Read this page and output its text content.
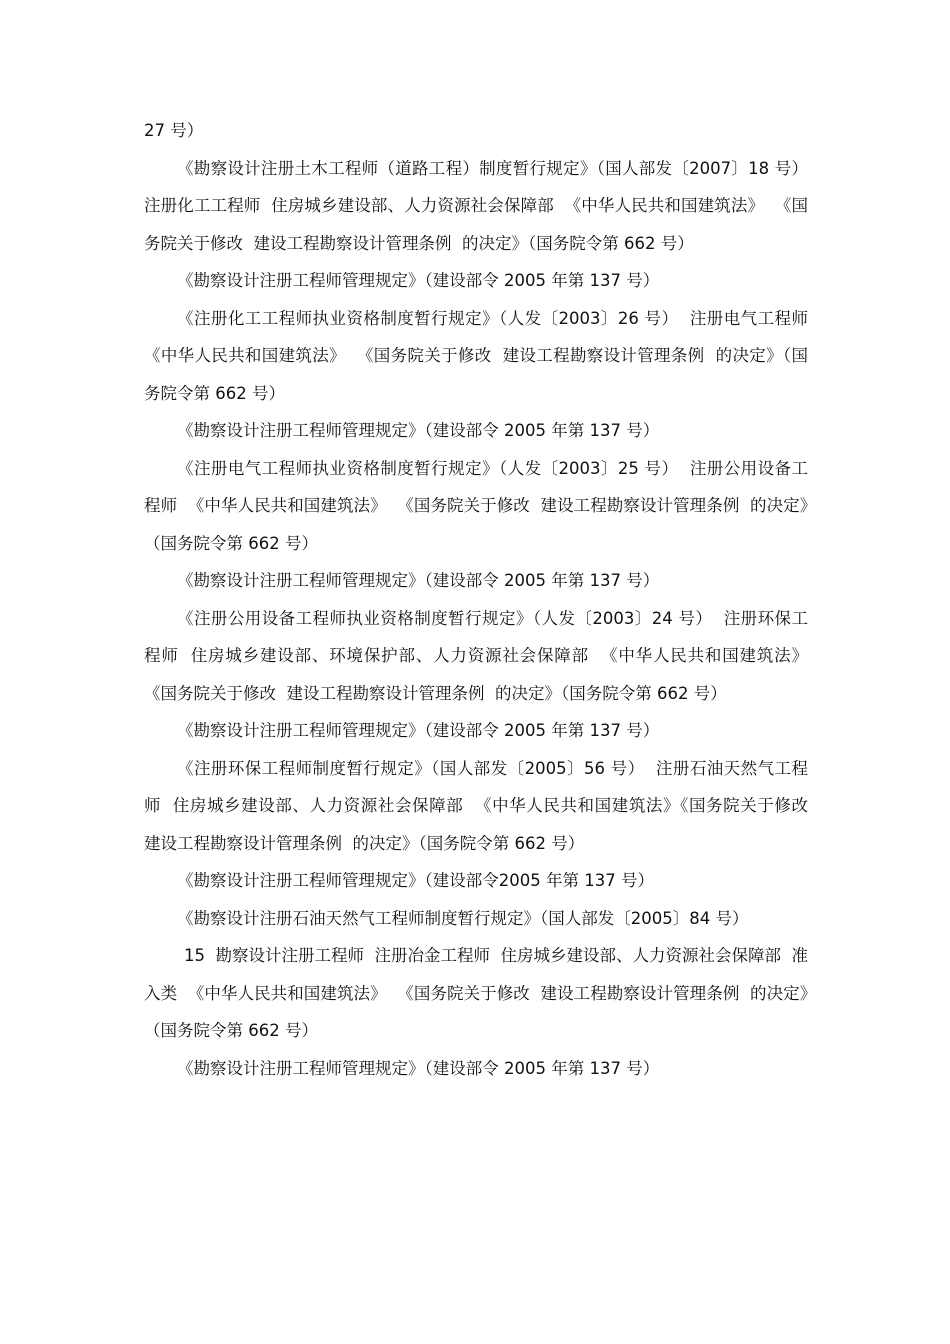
27 号）

《勘察设计注册土木工程师（道路工程）制度暂行规定》（国人部发〔2007〕18 号）  注册化工工程师  住房城乡建设部、人力资源社会保障部  《中华人民共和国建筑法》  《国务院关于修改  建设工程勘察设计管理条例  的决定》（国务院令第 662 号）

《勘察设计注册工程师管理规定》（建设部令 2005 年第 137 号）

《注册化工工程师执业资格制度暂行规定》（人发〔2003〕26 号）  注册电气工程师  《中华人民共和国建筑法》  《国务院关于修改  建设工程勘察设计管理条例  的决定》（国务院令第 662 号）

《勘察设计注册工程师管理规定》（建设部令 2005 年第 137 号）

《注册电气工程师执业资格制度暂行规定》（人发〔2003〕25 号）  注册公用设备工程师  《中华人民共和国建筑法》  《国务院关于修改  建设工程勘察设计管理条例  的决定》（国务院令第 662 号）

《勘察设计注册工程师管理规定》（建设部令 2005 年第 137 号）

《注册公用设备工程师执业资格制度暂行规定》（人发〔2003〕24 号）  注册环保工程师  住房城乡建设部、环境保护部、人力资源社会保障部  《中华人民共和国建筑法》  《国务院关于修改  建设工程勘察设计管理条例  的决定》（国务院令第 662 号）

《勘察设计注册工程师管理规定》（建设部令 2005 年第 137 号）

《注册环保工程师制度暂行规定》（国人部发〔2005〕56 号）  注册石油天然气工程师  住房城乡建设部、人力资源社会保障部  《中华人民共和国建筑法》《国务院关于修改  建设工程勘察设计管理条例  的决定》（国务院令第 662 号）

《勘察设计注册工程师管理规定》（建设部令2005 年第 137 号）

《勘察设计注册石油天然气工程师制度暂行规定》（国人部发〔2005〕84 号）

15  勘察设计注册工程师  注册冶金工程师  住房城乡建设部、人力资源社会保障部  准入类  《中华人民共和国建筑法》  《国务院关于修改  建设工程勘察设计管理条例  的决定》（国务院令第 662 号）

《勘察设计注册工程师管理规定》（建设部令 2005 年第 137 号）
